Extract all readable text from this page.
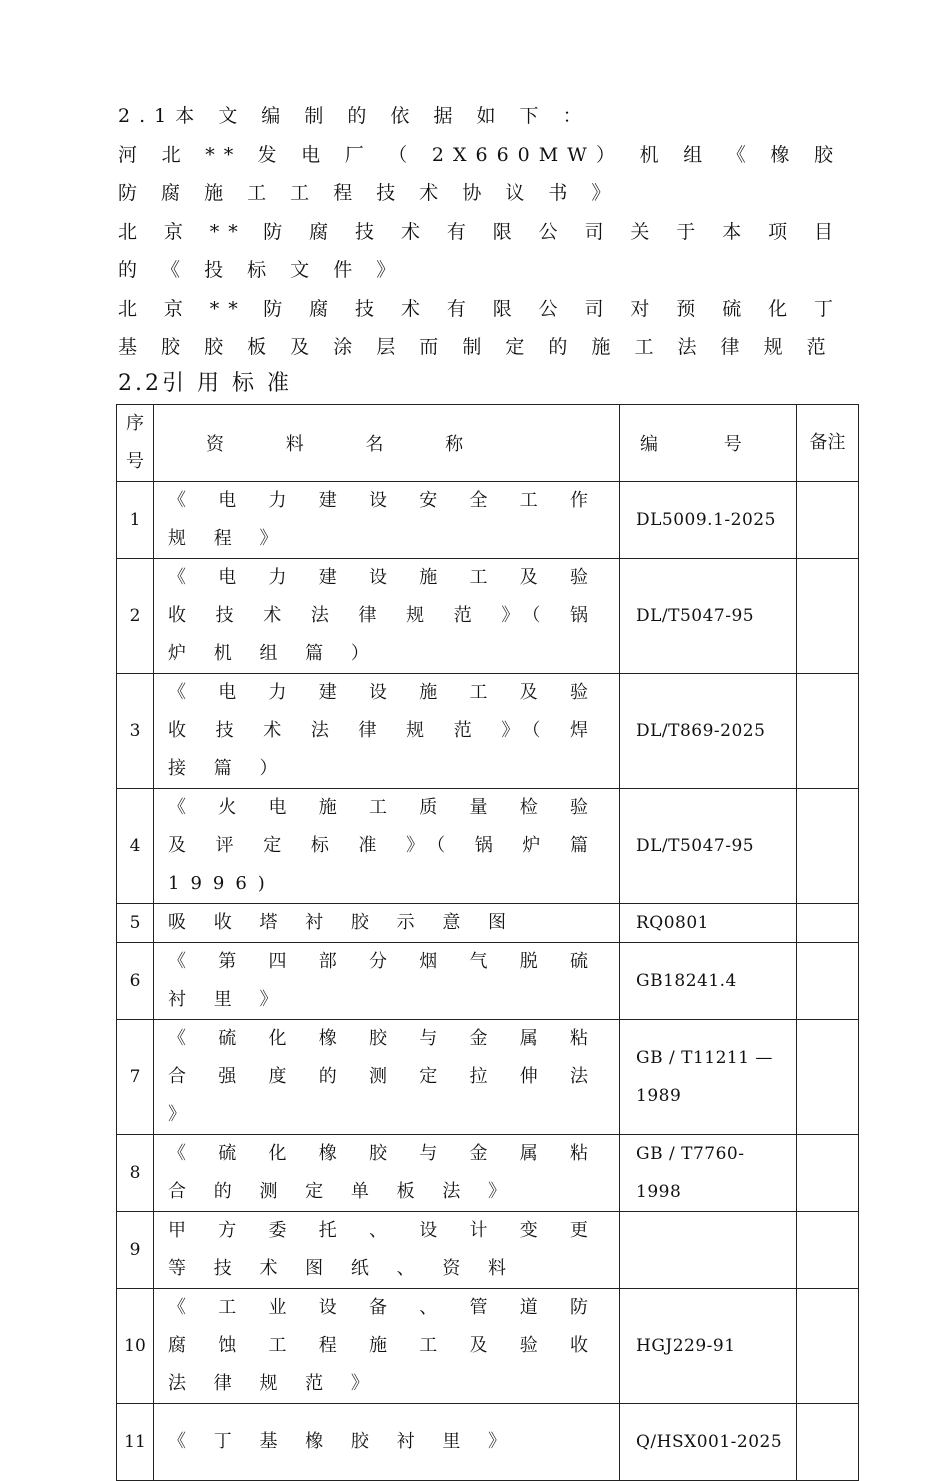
2.1本 文 编 制 的 依 据 如 下 ：
河 北 ** 发 电 厂 （ 2X660MW） 机 组 《 橡 胶 防 腐 施 工 工 程 技 术 协 议 书 》
北 京 ** 防 腐 技 术 有 限 公 司 关 于 本 项 目 的 《 投 标 文 件 》
北 京 ** 防 腐 技 术 有 限 公 司 对 预 硫 化 丁 基 胶 胶 板 及 涂 层 而 制 定 的 施 工 法 律 规 范
2.2引 用 标 准
序号	资 料 名 称	编 号	备注
1	《 电 力 建 设 安 全 工 作 规 程 》	DL5009.1-2025	
2	《 电 力 建 设 施 工 及 验 收 技 术 法 律 规 范 》（ 锅 炉 机 组 篇 ）	DL/T5047-95	
3	《 电 力 建 设 施 工 及 验 收 技 术 法 律 规 范 》（ 焊 接 篇 ）	DL/T869-2025	
4	《 火 电 施 工 质 量 检 验 及 评 定 标 准 》（ 锅 炉 篇 1996)	DL/T5047-95	
5	吸 收 塔 衬 胶 示 意 图	RQ0801	
6	《 第 四 部 分 烟 气 脱 硫 衬 里 》	GB18241.4	
7	《 硫 化 橡 胶 与 金 属 粘 合 强 度 的 测 定 拉 伸 法 》	GB / T11211 — 1989	
8	《 硫 化 橡 胶 与 金 属 粘 合 的 测 定 单 板 法 》	GB / T7760-1998	
9	甲 方 委 托 、 设 计 变 更 等 技 术 图 纸 、 资 料		
10	《 工 业 设 备 、 管 道 防 腐 蚀 工 程 施 工 及 验 收 法 律 规 范 》	HGJ229-91	
11	《 丁 基 橡 胶 衬 里 》	Q/HSX001-2025	
